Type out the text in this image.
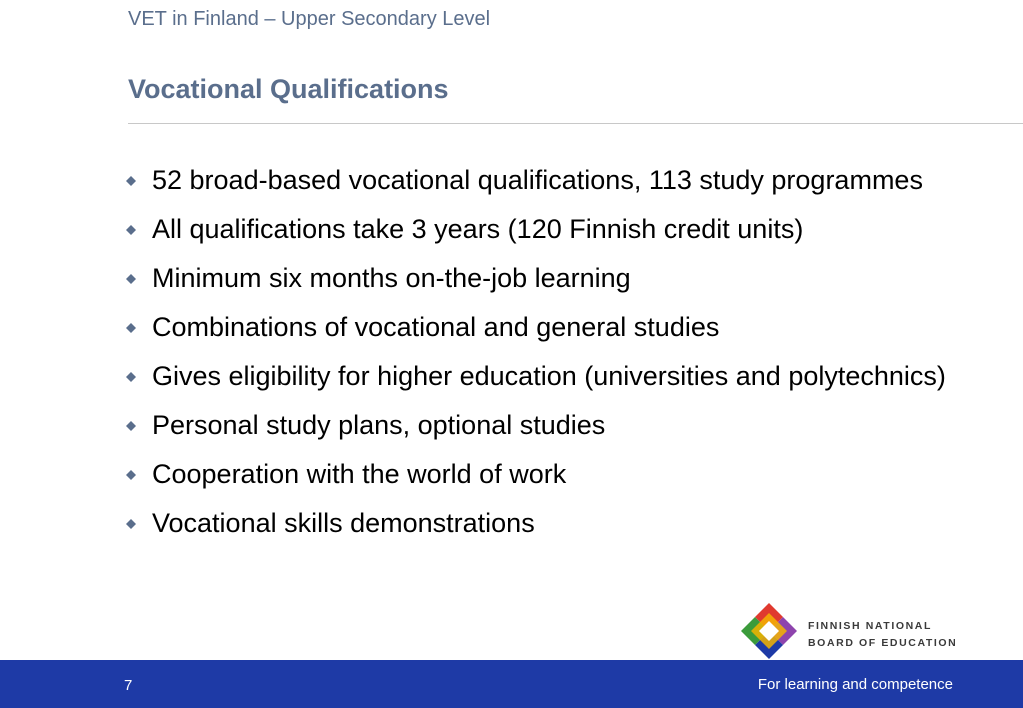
VET in Finland – Upper Secondary Level
Vocational Qualifications
52 broad-based vocational qualifications, 113 study programmes
All qualifications take 3 years (120 Finnish credit units)
Minimum six months on-the-job learning
Combinations of vocational and general studies
Gives eligibility for higher education (universities and polytechnics)
Personal study plans, optional studies
Cooperation with the world of work
Vocational skills demonstrations
FINNISH NATIONAL
BOARD OF EDUCATION
7	For learning and competence
